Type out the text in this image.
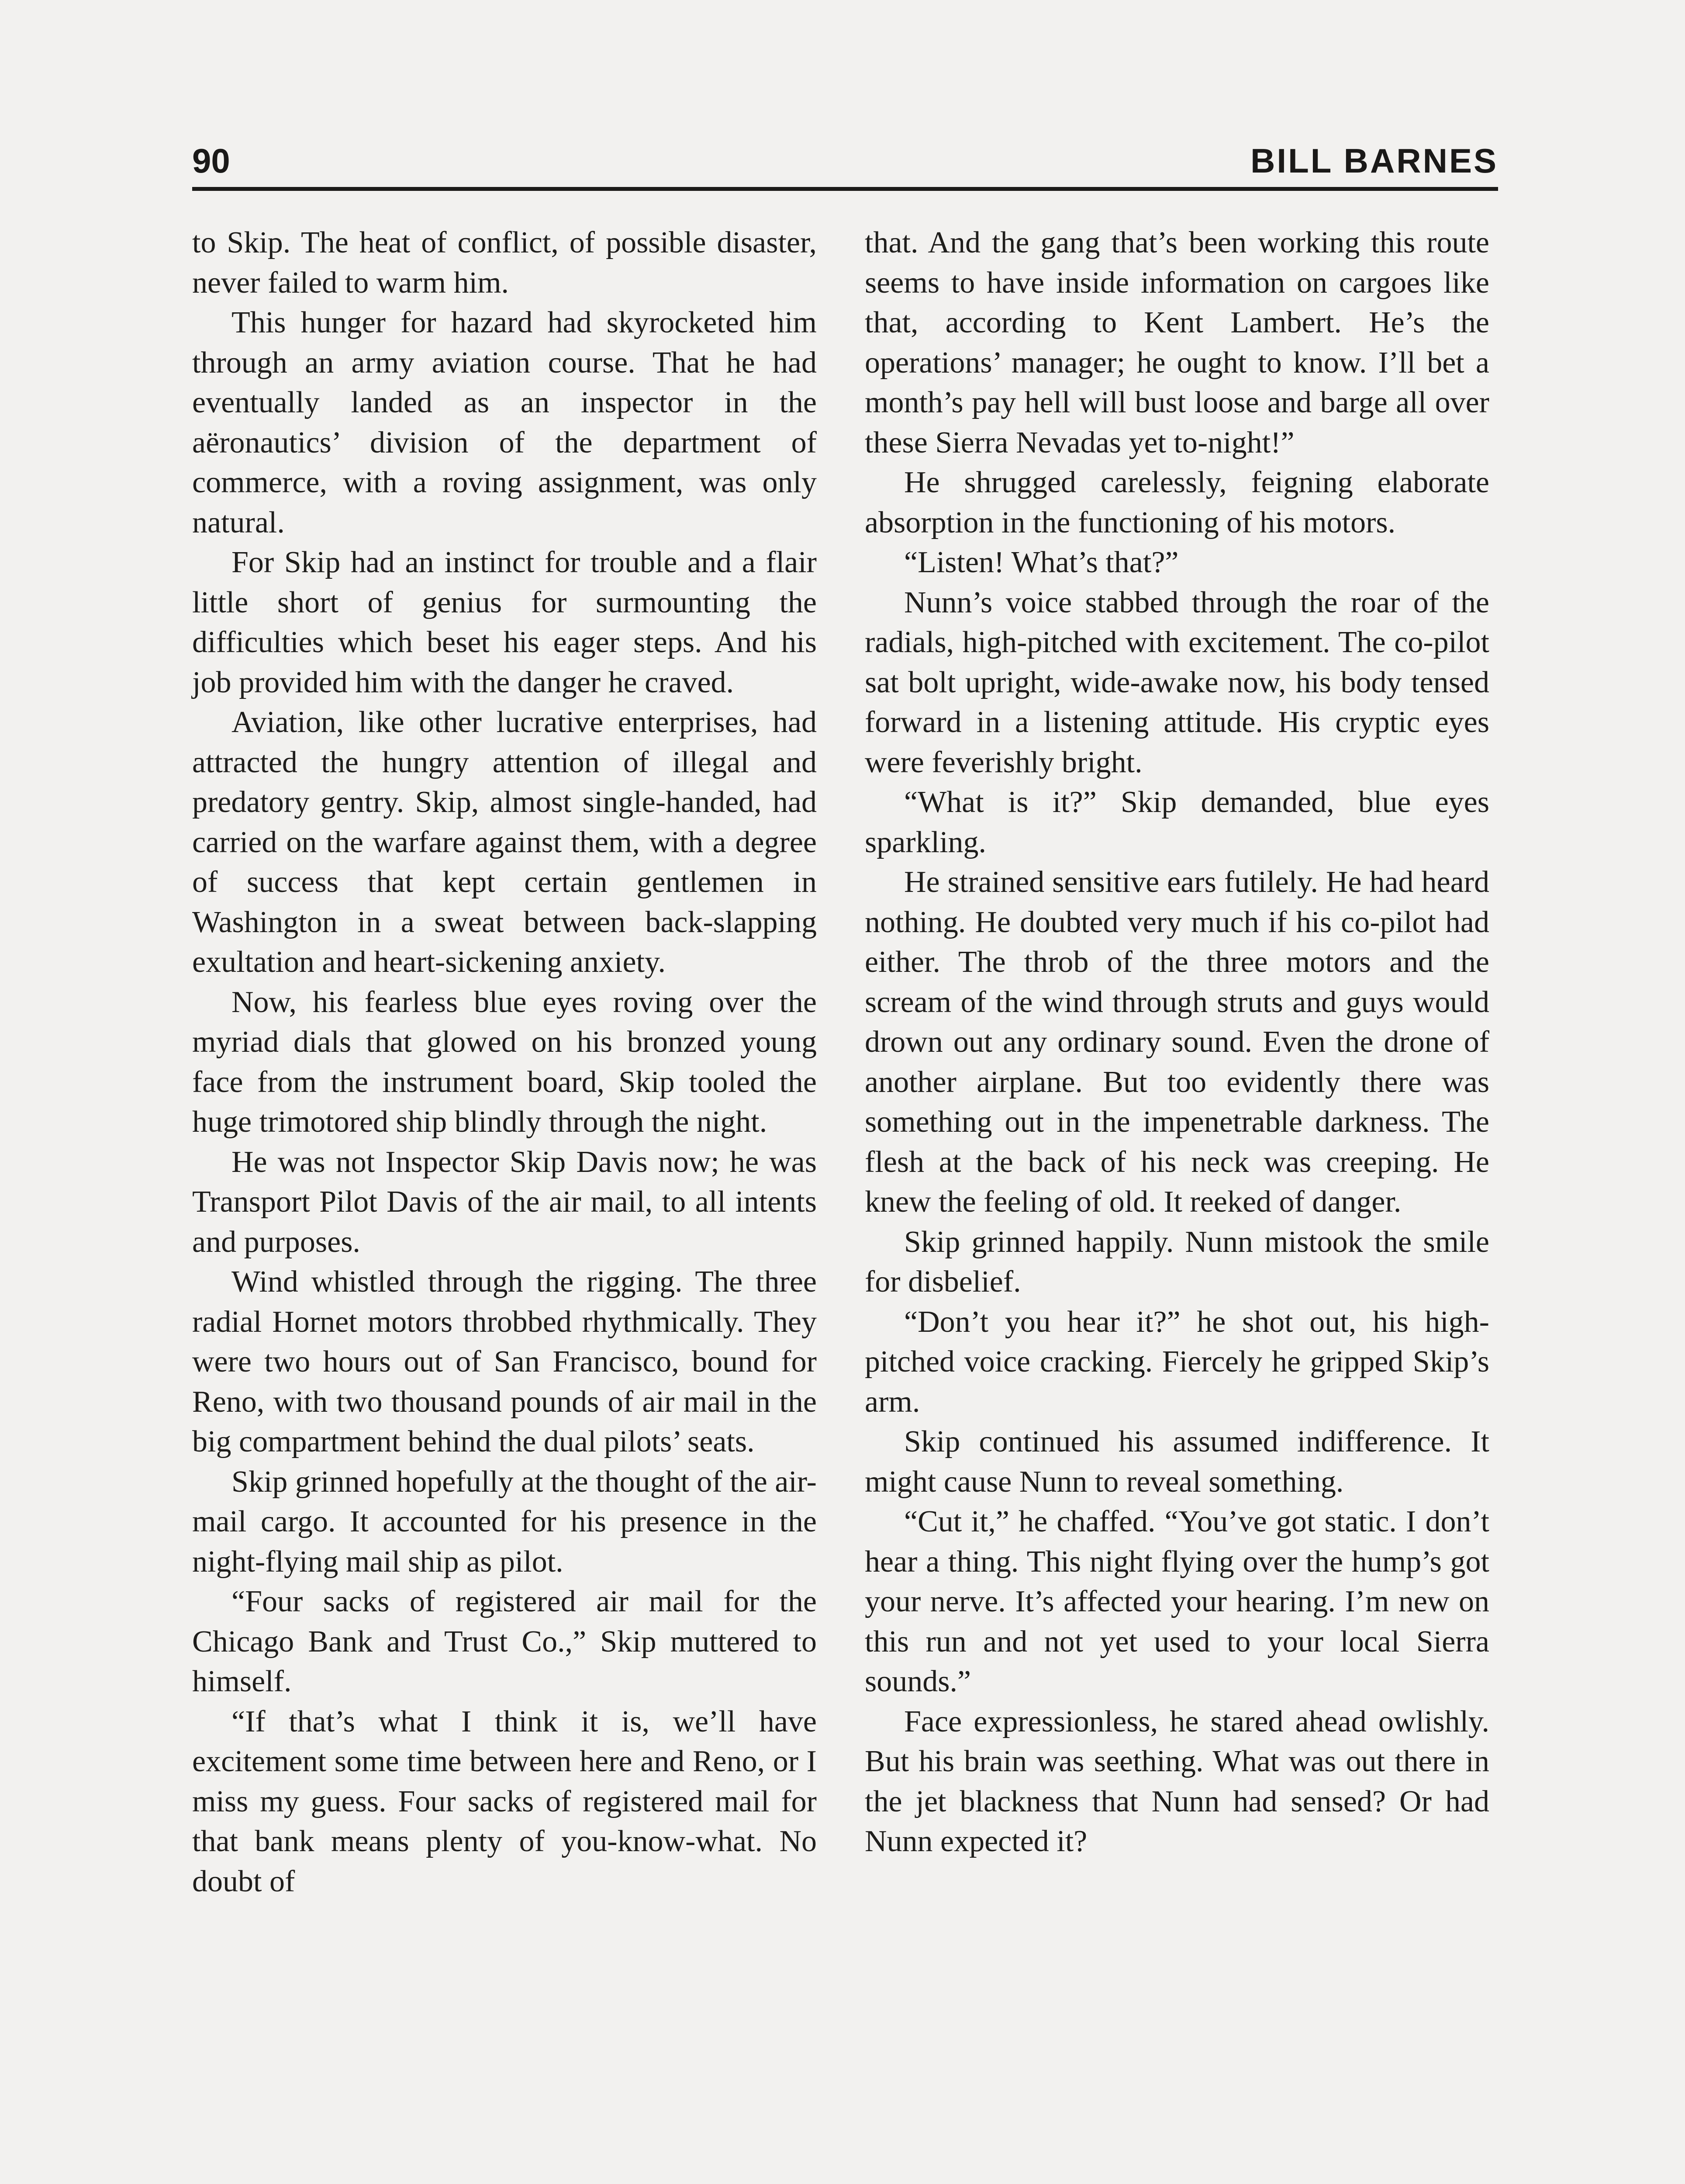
90	BILL BARNES

to Skip. The heat of conflict, of possible disaster, never failed to warm him.

This hunger for hazard had skyrocketed him through an army aviation course. That he had eventually landed as an inspector in the aëronautics’ division of the department of commerce, with a roving assignment, was only natural.

For Skip had an instinct for trouble and a flair little short of genius for surmounting the difficulties which beset his eager steps. And his job provided him with the danger he craved.

Aviation, like other lucrative enterprises, had attracted the hungry attention of illegal and predatory gentry. Skip, almost single-handed, had carried on the warfare against them, with a degree of success that kept certain gentlemen in Washington in a sweat between back-slapping exultation and heart-sickening anxiety.

Now, his fearless blue eyes roving over the myriad dials that glowed on his bronzed young face from the instrument board, Skip tooled the huge trimotored ship blindly through the night.

He was not Inspector Skip Davis now; he was Transport Pilot Davis of the air mail, to all intents and purposes.

Wind whistled through the rigging. The three radial Hornet motors throbbed rhythmically. They were two hours out of San Francisco, bound for Reno, with two thousand pounds of air mail in the big compartment behind the dual pilots’ seats.

Skip grinned hopefully at the thought of the air-mail cargo. It accounted for his presence in the night-flying mail ship as pilot.

“Four sacks of registered air mail for the Chicago Bank and Trust Co.,” Skip muttered to himself.

“If that’s what I think it is, we’ll have excitement some time between here and Reno, or I miss my guess. Four sacks of registered mail for that bank means plenty of you-know-what. No doubt of

that. And the gang that’s been working this route seems to have inside information on cargoes like that, according to Kent Lambert. He’s the operations’ manager; he ought to know. I’ll bet a month’s pay hell will bust loose and barge all over these Sierra Nevadas yet to-night!”

He shrugged carelessly, feigning elaborate absorption in the functioning of his motors.

“Listen! What’s that?”

Nunn’s voice stabbed through the roar of the radials, high-pitched with excitement. The co-pilot sat bolt upright, wide-awake now, his body tensed forward in a listening attitude. His cryptic eyes were feverishly bright.

“What is it?” Skip demanded, blue eyes sparkling.

He strained sensitive ears futilely. He had heard nothing. He doubted very much if his co-pilot had either. The throb of the three motors and the scream of the wind through struts and guys would drown out any ordinary sound. Even the drone of another airplane. But too evidently there was something out in the impenetrable darkness. The flesh at the back of his neck was creeping. He knew the feeling of old. It reeked of danger.

Skip grinned happily. Nunn mistook the smile for disbelief.

“Don’t you hear it?” he shot out, his high-pitched voice cracking. Fiercely he gripped Skip’s arm.

Skip continued his assumed indifference. It might cause Nunn to reveal something.

“Cut it,” he chaffed. “You’ve got static. I don’t hear a thing. This night flying over the hump’s got your nerve. It’s affected your hearing. I’m new on this run and not yet used to your local Sierra sounds.”

Face expressionless, he stared ahead owlishly. But his brain was seething. What was out there in the jet blackness that Nunn had sensed? Or had Nunn expected it?
